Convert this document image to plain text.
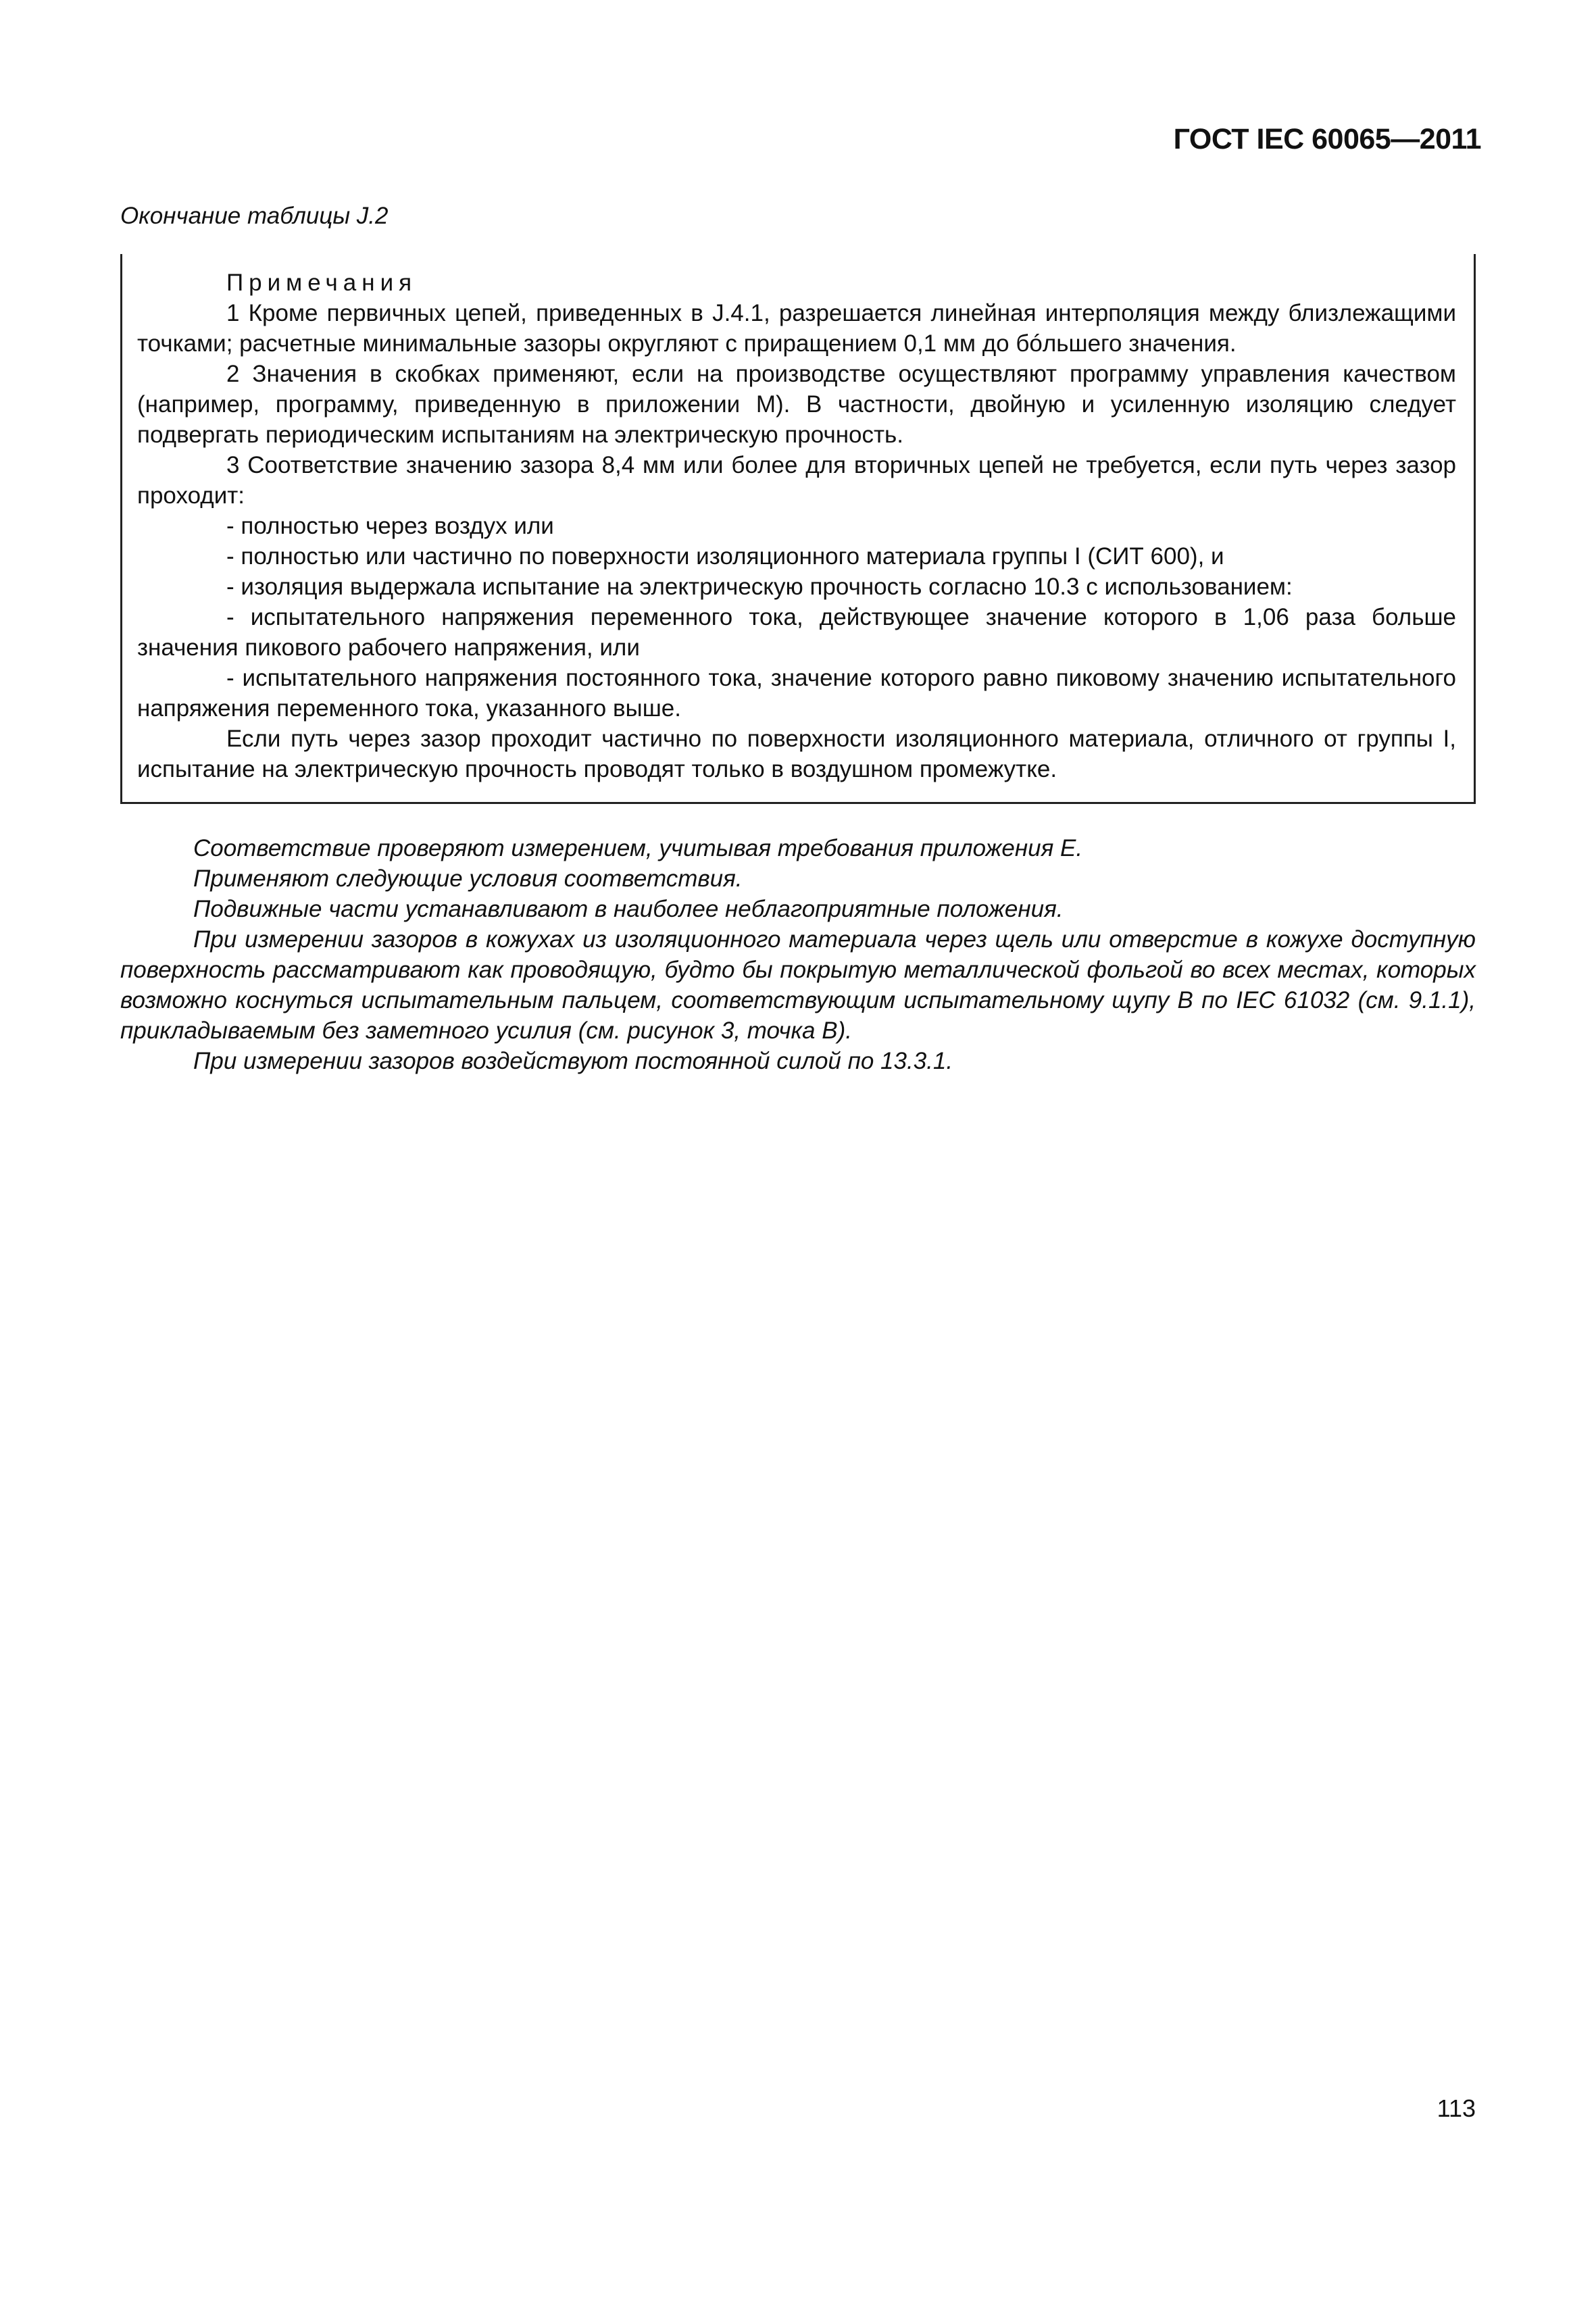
ГОСТ IEC 60065—2011
Окончание таблицы J.2

Примечания

1 Кроме первичных цепей, приведенных в J.4.1, разрешается линейная интерполяция между близлежащими точками; расчетные минимальные зазоры округляют с приращением 0,1 мм до бóльшего значения.

2 Значения в скобках применяют, если на производстве осуществляют программу управления качеством (например, программу, приведенную в приложении М). В частности, двойную и усиленную изоляцию следует подвергать периодическим испытаниям на электрическую прочность.

3 Соответствие значению зазора 8,4 мм или более для вторичных цепей не требуется, если путь через зазор проходит:

- полностью через воздух или

- полностью или частично по поверхности изоляционного материала группы I (СИТ 600), и

- изоляция выдержала испытание на электрическую прочность согласно 10.3 с использованием:

- испытательного напряжения переменного тока, действующее значение которого в 1,06 раза больше значения пикового рабочего напряжения, или

- испытательного напряжения постоянного тока, значение которого равно пиковому значению испытательного напряжения переменного тока, указанного выше.

Если путь через зазор проходит частично по поверхности изоляционного материала, отличного от группы I, испытание на электрическую прочность проводят только в воздушном промежутке.

Соответствие проверяют измерением, учитывая требования приложения Е.

Применяют следующие условия соответствия.

Подвижные части устанавливают в наиболее неблагоприятные положения.

При измерении зазоров в кожухах из изоляционного материала через щель или отверстие в кожухе доступную поверхность рассматривают как проводящую, будто бы покрытую металлической фольгой во всех местах, которых возможно коснуться испытательным пальцем, соответствующим испытательному щупу В по IEC 61032 (см. 9.1.1), прикладываемым без заметного усилия (см. рисунок 3, точка В).

При измерении зазоров воздействуют постоянной силой по 13.3.1.

113
